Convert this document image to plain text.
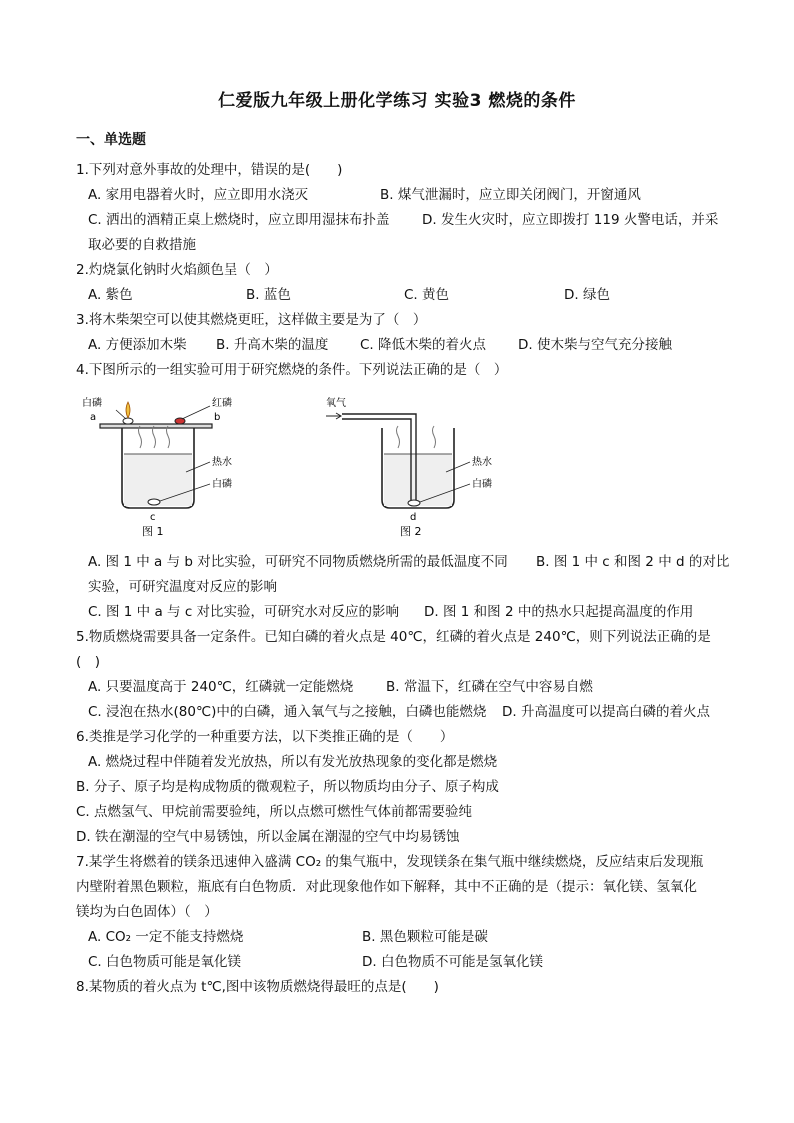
仁爱版九年级上册化学练习 实验3 燃烧的条件
一、单选题
1.下列对意外事故的处理中，错误的是(　　)
A. 家用电器着火时，应立即用水浇灭	B. 煤气泄漏时，应立即关闭阀门，开窗通风
C. 洒出的酒精正桌上燃烧时，应立即用湿抹布扑盖 D. 发生火灾时，应立即拨打 119 火警电话，并采
取必要的自救措施
2.灼烧氯化钠时火焰颜色呈（　）
A. 紫色	B. 蓝色	C. 黄色	D. 绿色
3.将木柴架空可以使其燃烧更旺，这样做主要是为了（　）
A. 方便添加木柴 B. 升高木柴的温度 C. 降低木柴的着火点 D. 使木柴与空气充分接触
4.下图所示的一组实验可用于研究燃烧的条件。下列说法正确的是（　）
白磷
a
红磷
b
热水
白磷
c
图 1
氧气
热水
白磷
d
图 2
A. 图 1 中 a 与 b 对比实验，可研究不同物质燃烧所需的最低温度不同 B. 图 1 中 c 和图 2 中 d 的对比
实验，可研究温度对反应的影响
C. 图 1 中 a 与 c 对比实验，可研究水对反应的影响 D. 图 1 和图 2 中的热水只起提高温度的作用
5.物质燃烧需要具备一定条件。已知白磷的着火点是 40℃，红磷的着火点是 240℃，则下列说法正确的是
(　)
A. 只要温度高于 240℃，红磷就一定能燃烧 B. 常温下，红磷在空气中容易自燃
C. 浸泡在热水(80℃)中的白磷，通入氧气与之接触，白磷也能燃烧 D. 升高温度可以提高白磷的着火点
6.类推是学习化学的一种重要方法，以下类推正确的是（　　）
A. 燃烧过程中伴随着发光放热，所以有发光放热现象的变化都是燃烧
B. 分子、原子均是构成物质的微观粒子，所以物质均由分子、原子构成
C. 点燃氢气、甲烷前需要验纯，所以点燃可燃性气体前都需要验纯
D. 铁在潮湿的空气中易锈蚀，所以金属在潮湿的空气中均易锈蚀
7.某学生将燃着的镁条迅速伸入盛满 CO₂ 的集气瓶中，发现镁条在集气瓶中继续燃烧，反应结束后发现瓶
内壁附着黑色颗粒，瓶底有白色物质．对此现象他作如下解释，其中不正确的是（提示：氧化镁、氢氧化
镁均为白色固体）（　）
A. CO₂ 一定不能支持燃烧	B. 黑色颗粒可能是碳
C. 白色物质可能是氧化镁	D. 白色物质不可能是氢氧化镁
8.某物质的着火点为 t℃,图中该物质燃烧得最旺的点是(　　)
